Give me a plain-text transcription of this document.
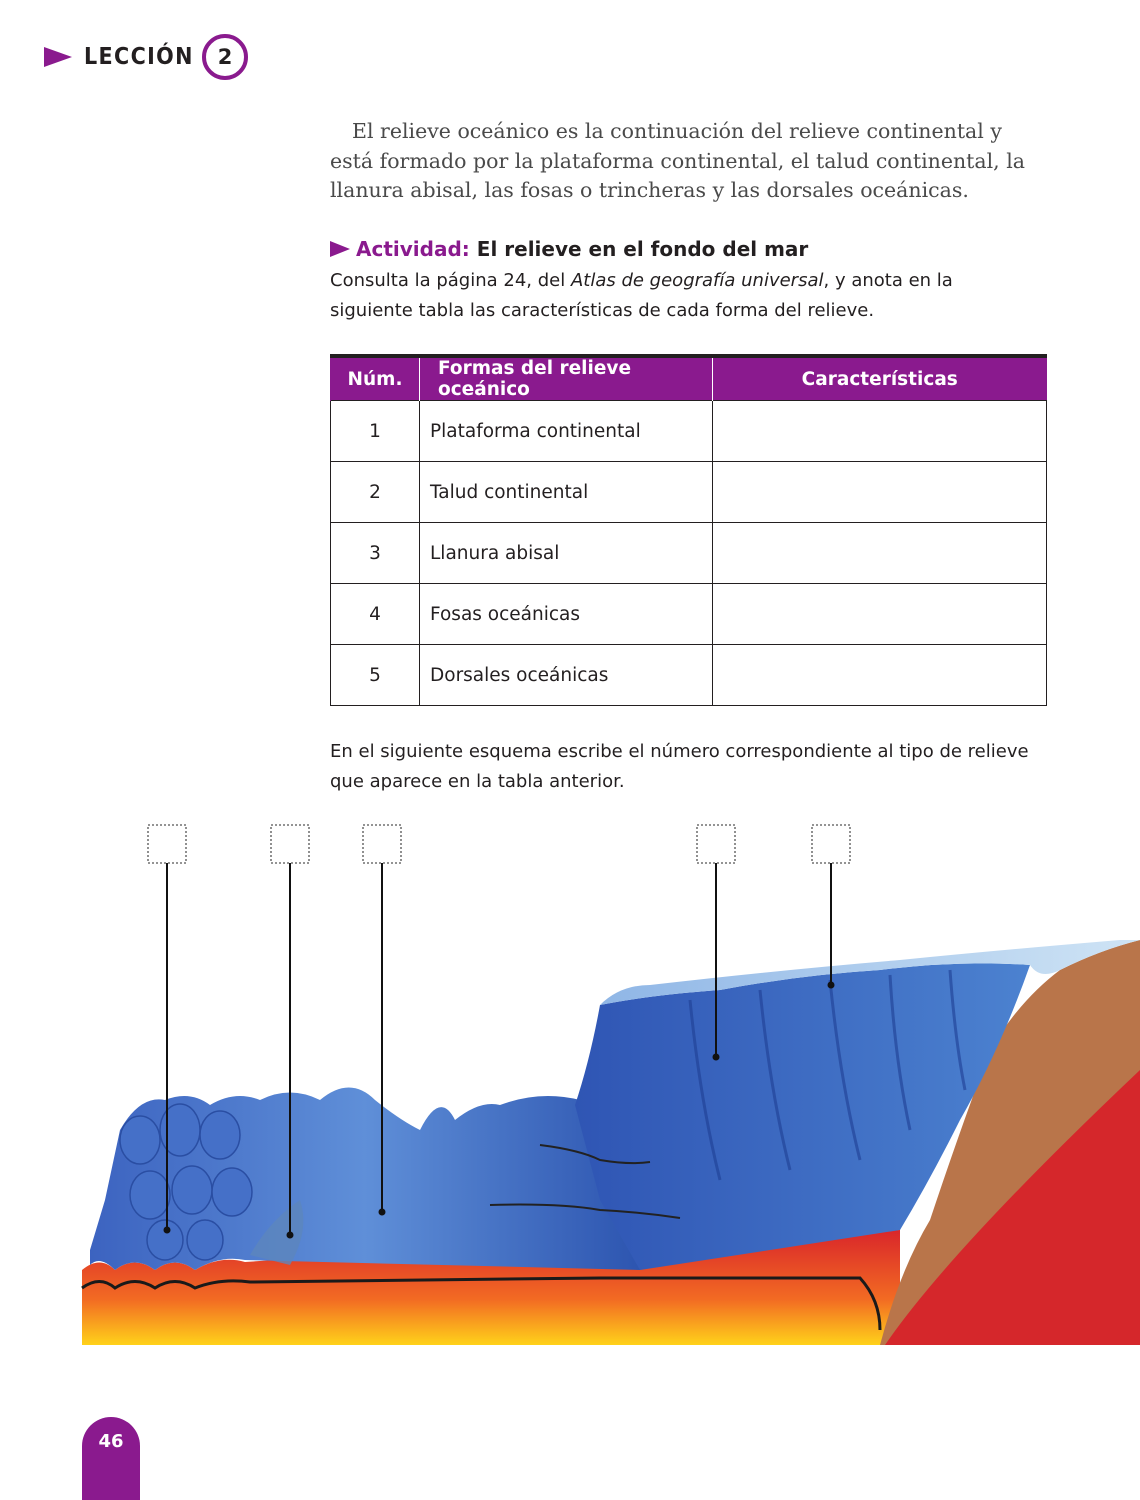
LECCIÓN 2

El relieve oceánico es la continuación del relieve continental y está formado por la plataforma continental, el talud continental, la llanura abisal, las fosas o trincheras y las dorsales oceánicas.

Actividad: El relieve en el fondo del mar

Consulta la página 24, del Atlas de geografía universal, y anota en la siguiente tabla las características de cada forma del relieve.

Núm.	Formas del relieve oceánico	Características
1	Plataforma continental	
2	Talud continental	
3	Llanura abisal	
4	Fosas oceánicas	
5	Dorsales oceánicas	

En el siguiente esquema escribe el número correspondiente al tipo de relieve que aparece en la tabla anterior.

46
